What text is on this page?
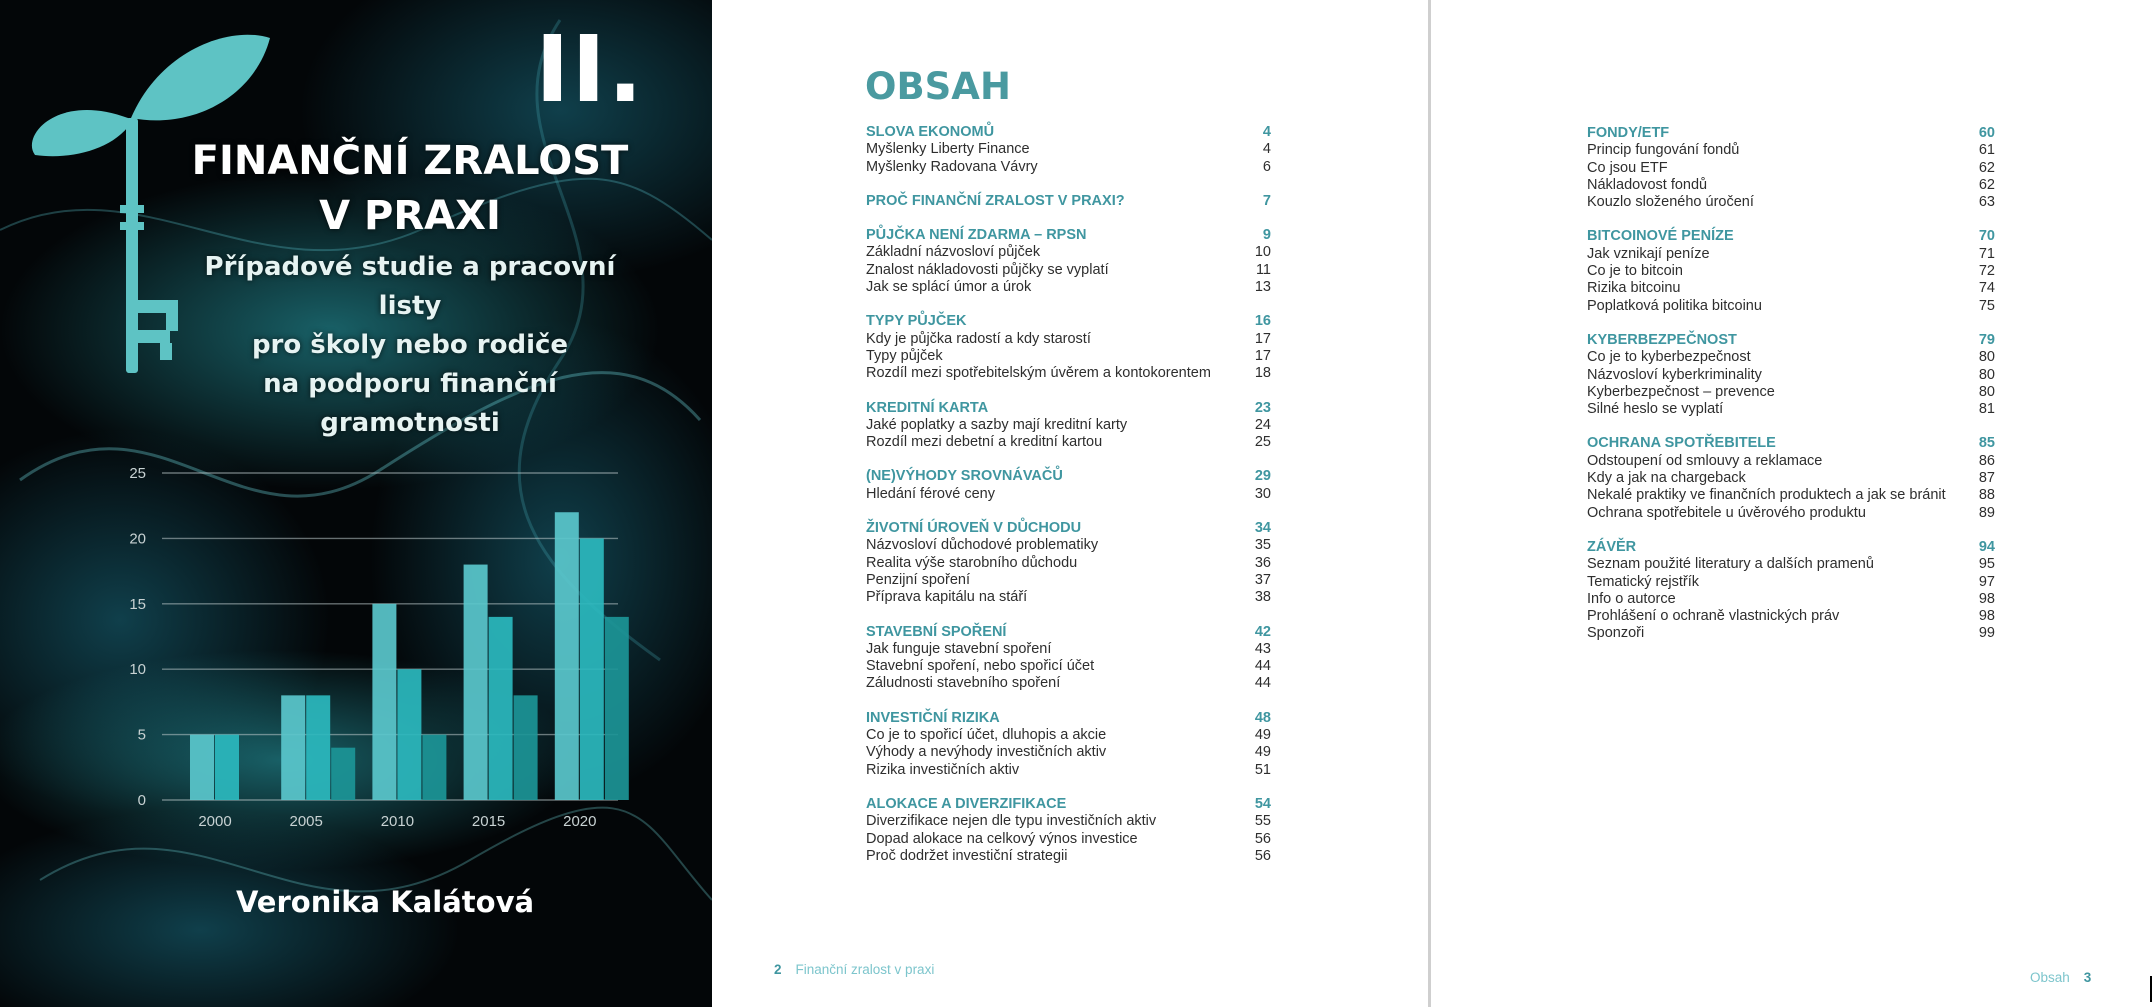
0
5
10
15
20
25
2000	2005	2010	2015	2020
II.
FINANČNÍ ZRALOST
V PRAXI
Případové studie a pracovní listy
pro školy nebo rodiče
na podporu finanční gramotnosti
Veronika Kalátová
OBSAH
SLOVA EKONOMŮ	4
Myšlenky Liberty Finance	4
Myšlenky Radovana Vávry	6
PROČ FINANČNÍ ZRALOST V PRAXI?	7
PŮJČKA NENÍ ZDARMA – RPSN	9
Základní názvosloví půjček	10
Znalost nákladovosti půjčky se vyplatí	11
Jak se splácí úmor a úrok	13
TYPY PŮJČEK	16
Kdy je půjčka radostí a kdy starostí	17
Typy půjček	17
Rozdíl mezi spotřebitelským úvěrem a kontokorentem	18
KREDITNÍ KARTA	23
Jaké poplatky a sazby mají kreditní karty	24
Rozdíl mezi debetní a kreditní kartou	25
(NE)VÝHODY SROVNÁVAČŮ	29
Hledání férové ceny	30
ŽIVOTNÍ ÚROVEŇ V DŮCHODU	34
Názvosloví důchodové problematiky	35
Realita výše starobního důchodu	36
Penzijní spoření	37
Příprava kapitálu na stáří	38
STAVEBNÍ SPOŘENÍ	42
Jak funguje stavební spoření	43
Stavební spoření, nebo spořicí účet	44
Záludnosti stavebního spoření	44
INVESTIČNÍ RIZIKA	48
Co je to spořicí účet, dluhopis a akcie	49
Výhody a nevýhody investičních aktiv	49
Rizika investičních aktiv	51
ALOKACE A DIVERZIFIKACE	54
Diverzifikace nejen dle typu investičních aktiv	55
Dopad alokace na celkový výnos investice	56
Proč dodržet investiční strategii	56
FONDY/ETF	60
Princip fungování fondů	61
Co jsou ETF	62
Nákladovost fondů	62
Kouzlo složeného úročení	63
BITCOINOVÉ PENÍZE	70
Jak vznikají peníze	71
Co je to bitcoin	72
Rizika bitcoinu	74
Poplatková politika bitcoinu	75
KYBERBEZPEČNOST	79
Co je to kyberbezpečnost	80
Názvosloví kyberkriminality	80
Kyberbezpečnost – prevence	80
Silné heslo se vyplatí	81
OCHRANA SPOTŘEBITELE	85
Odstoupení od smlouvy a reklamace	86
Kdy a jak na chargeback	87
Nekalé praktiky ve finančních produktech a jak se bránit	88
Ochrana spotřebitele u úvěrového produktu	89
ZÁVĚR	94
Seznam použité literatury a dalších pramenů	95
Tematický rejstřík	97
Info o autorce	98
Prohlášení o ochraně vlastnických práv	98
Sponzoři	99
2 Finanční zralost v praxi
Obsah 3
